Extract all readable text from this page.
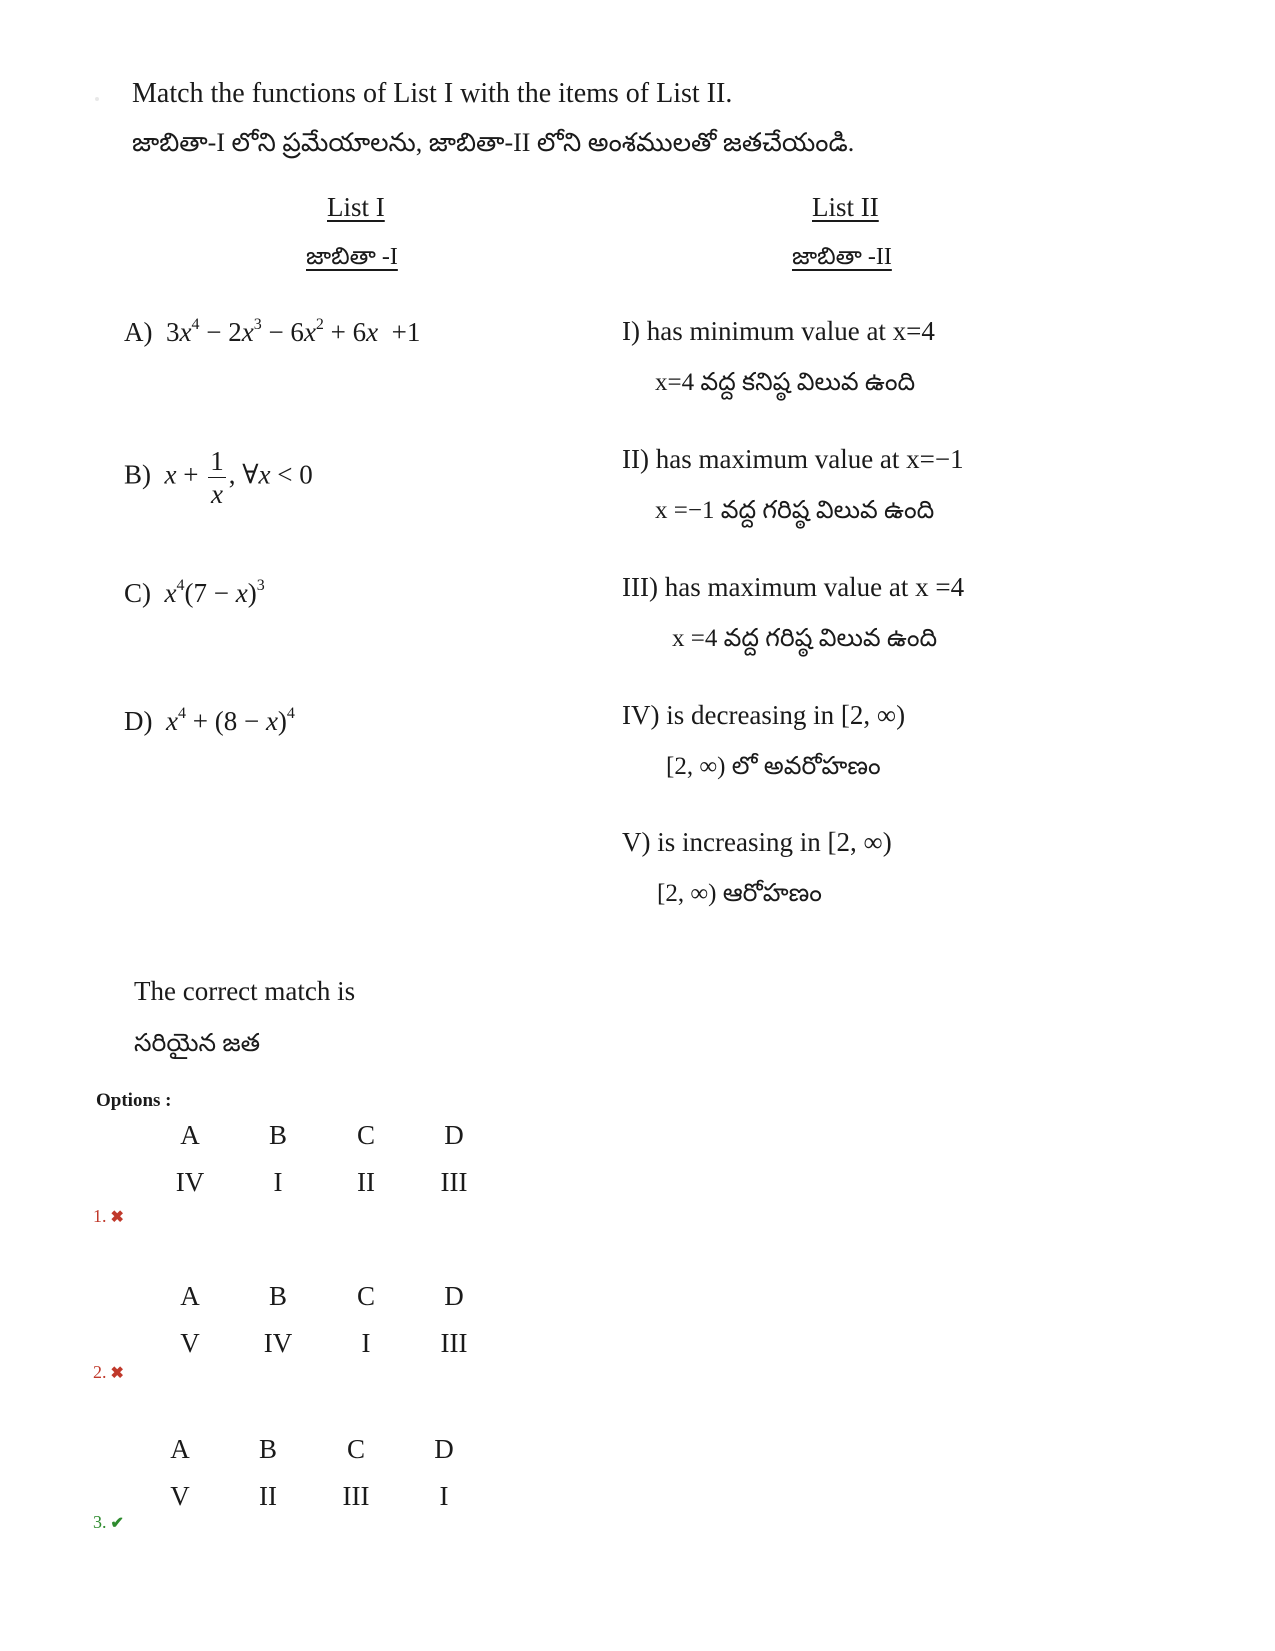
Match the functions of List I with the items of List II.
జాబితా-I లోని ప్రమేయాలను, జాబితా-II లోని అంశములతో జతచేయండి.
List I
జాబితా -I
List II
జాబితా -II
A)  $3x^4 - 2x^3 - 6x^2 + 6x +1$
B)  $x + \frac{1}{x}$ , ∀x < 0
C)  $x^4(7 - x)^3$
D)  $x^4 + (8 - x)^4$
I) has minimum value at x=4
x=4 వద్ద కనిష్ఠ విలువ ఉంది
II) has maximum value at x=−1
x =−1 వద్ద గరిష్ఠ విలువ ఉంది
III) has maximum value at x =4
x =4 వద్ద గరిష్ఠ విలువ ఉంది
IV) is decreasing in [2, ∞)
[2, ∞) లో అవరోహణం
V) is increasing in [2, ∞)
[2, ∞) ఆరోహణం
The correct match is
సరియైన జత
Options :
A	B	C	D
IV	I	II	III
1. ✖
A	B	C	D
V	IV	I	III
2. ✖
A	B	C	D
V	II	III	I
3. ✔
